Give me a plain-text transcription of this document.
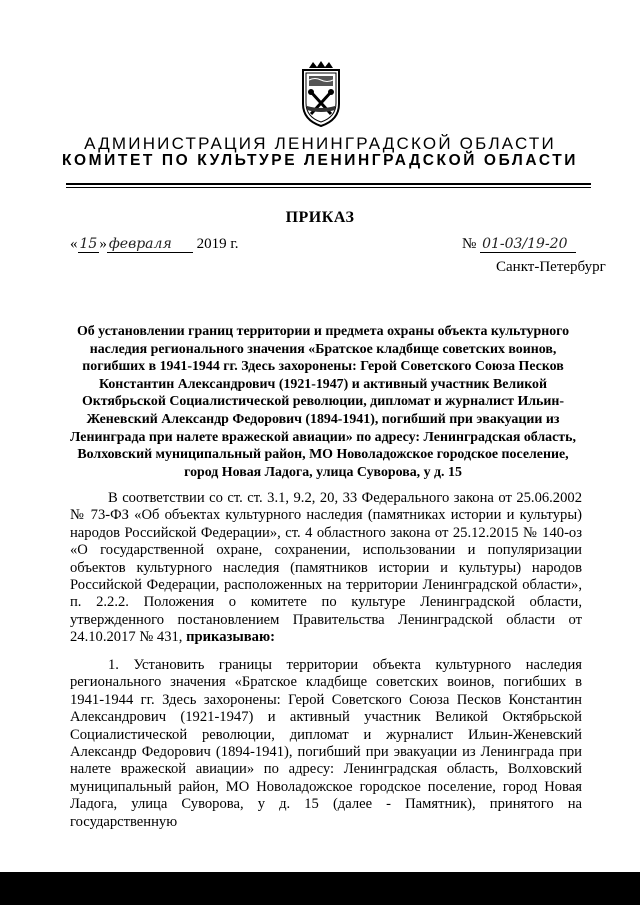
АДМИНИСТРАЦИЯ ЛЕНИНГРАДСКОЙ ОБЛАСТИ
КОМИТЕТ ПО КУЛЬТУРЕ ЛЕНИНГРАДСКОЙ ОБЛАСТИ
ПРИКАЗ
« 15 » февраля 2019 г.	№ 01-03/19-20
Санкт-Петербург
Об установлении границ территории и предмета охраны объекта культурного наследия регионального значения «Братское кладбище советских воинов, погибших в 1941-1944 гг. Здесь захоронены: Герой Советского Союза Песков Константин Александрович (1921-1947) и активный участник Великой Октябрьской Социалистической революции, дипломат и журналист Ильин-Женевский Александр Федорович (1894-1941), погибший при эвакуации из Ленинграда при налете вражеской авиации» по адресу: Ленинградская область, Волховский муниципальный район, МО Новоладожское городское поселение, город Новая Ладога, улица Суворова, у д. 15
В соответствии со ст. ст. 3.1, 9.2, 20, 33 Федерального закона от 25.06.2002 № 73-ФЗ «Об объектах культурного наследия (памятниках истории и культуры) народов Российской Федерации», ст. 4 областного закона от 25.12.2015 № 140-оз «О государственной охране, сохранении, использовании и популяризации объектов культурного наследия (памятников истории и культуры) народов Российской Федерации, расположенных на территории Ленинградской области», п. 2.2.2. Положения о комитете по культуре Ленинградской области, утвержденного постановлением Правительства Ленинградской области от 24.10.2017 № 431, приказываю:
1. Установить границы территории объекта культурного наследия регионального значения «Братское кладбище советских воинов, погибших в 1941-1944 гг. Здесь захоронены: Герой Советского Союза Песков Константин Александрович (1921-1947) и активный участник Великой Октябрьской Социалистической революции, дипломат и журналист Ильин-Женевский Александр Федорович (1894-1941), погибший при эвакуации из Ленинграда при налете вражеской авиации» по адресу: Ленинградская область, Волховский муниципальный район, МО Новоладожское городское поселение, город Новая Ладога, улица Суворова, у д. 15 (далее - Памятник), принятого на государственную
